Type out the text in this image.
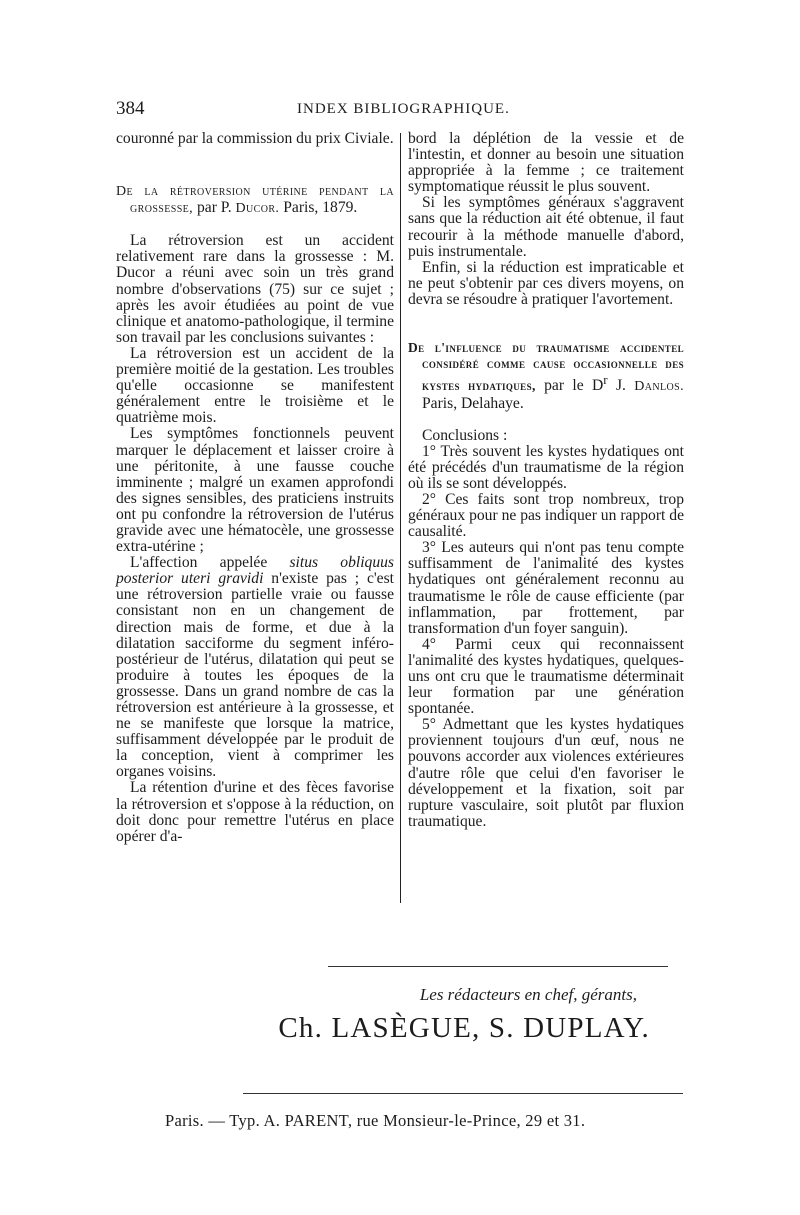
384	INDEX BIBLIOGRAPHIQUE.

couronné par la commission du prix Civiale.

De la rétroversion utérine pendant la grossesse, par P. Ducor. Paris, 1879.

La rétroversion est un accident relativement rare dans la grossesse : M. Ducor a réuni avec soin un très grand nombre d'observations (75) sur ce sujet ; après les avoir étudiées au point de vue clinique et anatomo-pathologique, il termine son travail par les conclusions suivantes :

La rétroversion est un accident de la première moitié de la gestation. Les troubles qu'elle occasionne se manifestent généralement entre le troisième et le quatrième mois.

Les symptômes fonctionnels peuvent marquer le déplacement et laisser croire à une péritonite, à une fausse couche imminente ; malgré un examen approfondi des signes sensibles, des praticiens instruits ont pu confondre la rétroversion de l'utérus gravide avec une hématocèle, une grossesse extra-utérine ;

L'affection appelée situs obliquus posterior uteri gravidi n'existe pas ; c'est une rétroversion partielle vraie ou fausse consistant non en un changement de direction mais de forme, et due à la dilatation sacciforme du segment inféro-postérieur de l'utérus, dilatation qui peut se produire à toutes les époques de la grossesse. Dans un grand nombre de cas la rétroversion est antérieure à la grossesse, et ne se manifeste que lorsque la matrice, suffisamment développée par le produit de la conception, vient à comprimer les organes voisins.

La rétention d'urine et des fèces favorise la rétroversion et s'oppose à la réduction, on doit donc pour remettre l'utérus en place opérer d'a-

bord la déplétion de la vessie et de l'intestin, et donner au besoin une situation appropriée à la femme ; ce traitement symptomatique réussit le plus souvent.

Si les symptômes généraux s'aggravent sans que la réduction ait été obtenue, il faut recourir à la méthode manuelle d'abord, puis instrumentale.

Enfin, si la réduction est impraticable et ne peut s'obtenir par ces divers moyens, on devra se résoudre à pratiquer l'avortement.

De l'influence du traumatisme accidentel considéré comme cause occasionnelle des kystes hydatiques, par le $D^r$ J. Danlos. Paris, Delahaye.

Conclusions :

1° Très souvent les kystes hydatiques ont été précédés d'un traumatisme de la région où ils se sont développés.

2° Ces faits sont trop nombreux, trop généraux pour ne pas indiquer un rapport de causalité.

3° Les auteurs qui n'ont pas tenu compte suffisamment de l'animalité des kystes hydatiques ont généralement reconnu au traumatisme le rôle de cause efficiente (par inflammation, par frottement, par transformation d'un foyer sanguin).

4° Parmi ceux qui reconnaissent l'animalité des kystes hydatiques, quelques-uns ont cru que le traumatisme déterminait leur formation par une génération spontanée.

5° Admettant que les kystes hydatiques proviennent toujours d'un œuf, nous ne pouvons accorder aux violences extérieures d'autre rôle que celui d'en favoriser le développement et la fixation, soit par rupture vasculaire, soit plutôt par fluxion traumatique.

Les rédacteurs en chef, gérants,
Ch. LASÈGUE, S. DUPLAY.
Paris. — Typ. A. PARENT, rue Monsieur-le-Prince, 29 et 31.
